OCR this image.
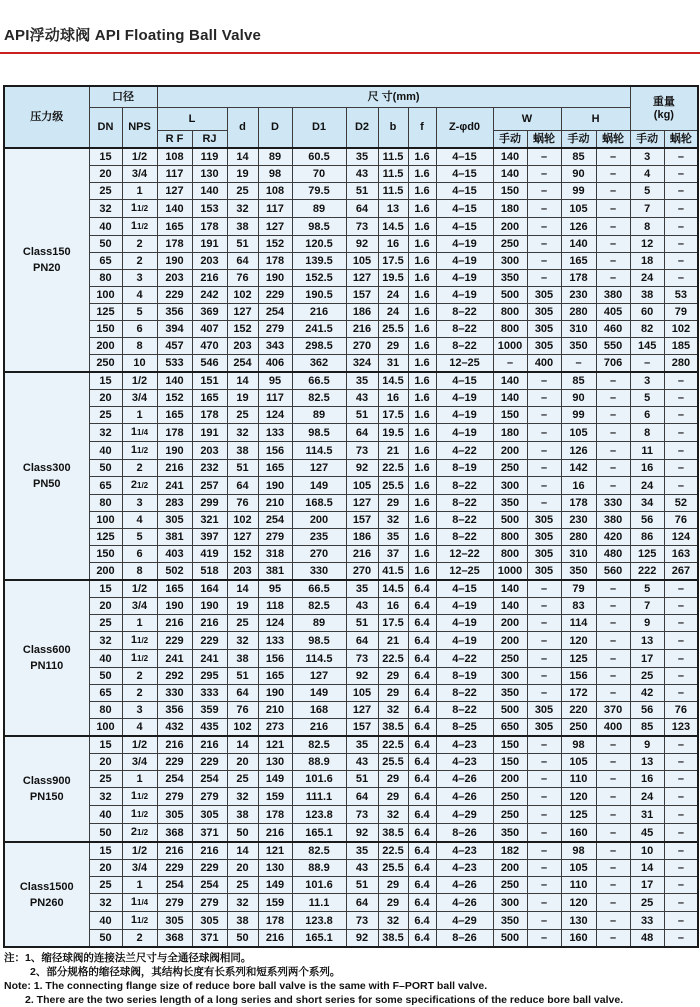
API浮动球阀 API Floating Ball Valve
压力级	口径		尺 寸(mm)													重量
(kg)	

	DN	NPS	L		d	D	D1	D2	b	f	Z-φd0	W		H			
			R F	RJ								手动	蜗轮	手动	蜗轮	手动	蜗轮

Class150
PN20	15	1/2	108	119	14	89	60.5	35	11.5	1.6	4–15	140	–	85	–	3	–
	20	3/4	117	130	19	98	70	43	11.5	1.6	4–15	140	–	90	–	4	–
	25	1	127	140	25	108	79.5	51	11.5	1.6	4–15	150	–	99	–	5	–
	32	11/2	140	153	32	117	89	64	13	1.6	4–15	180	–	105	–	7	–
	40	11/2	165	178	38	127	98.5	73	14.5	1.6	4–15	200	–	126	–	8	–
	50	2	178	191	51	152	120.5	92	16	1.6	4–19	250	–	140	–	12	–
	65	2	190	203	64	178	139.5	105	17.5	1.6	4–19	300	–	165	–	18	–
	80	3	203	216	76	190	152.5	127	19.5	1.6	4–19	350	–	178	–	24	–
	100	4	229	242	102	229	190.5	157	24	1.6	4–19	500	305	230	380	38	53
	125	5	356	369	127	254	216	186	24	1.6	8–22	800	305	280	405	60	79
	150	6	394	407	152	279	241.5	216	25.5	1.6	8–22	800	305	310	460	82	102
	200	8	457	470	203	343	298.5	270	29	1.6	8–22	1000	305	350	550	145	185
	250	10	533	546	254	406	362	324	31	1.6	12–25	–	400	–	706	–	280

Class300
PN50	15	1/2	140	151	14	95	66.5	35	14.5	1.6	4–15	140	–	85	–	3	–
	20	3/4	152	165	19	117	82.5	43	16	1.6	4–19	140	–	90	–	5	–
	25	1	165	178	25	124	89	51	17.5	1.6	4–19	150	–	99	–	6	–
	32	11/4	178	191	32	133	98.5	64	19.5	1.6	4–19	180	–	105	–	8	–
	40	11/2	190	203	38	156	114.5	73	21	1.6	4–22	200	–	126	–	11	–
	50	2	216	232	51	165	127	92	22.5	1.6	8–19	250	–	142	–	16	–
	65	21/2	241	257	64	190	149	105	25.5	1.6	8–22	300	–	16	–	24	–
	80	3	283	299	76	210	168.5	127	29	1.6	8–22	350	–	178	330	34	52
	100	4	305	321	102	254	200	157	32	1.6	8–22	500	305	230	380	56	76
	125	5	381	397	127	279	235	186	35	1.6	8–22	800	305	280	420	86	124
	150	6	403	419	152	318	270	216	37	1.6	12–22	800	305	310	480	125	163
	200	8	502	518	203	381	330	270	41.5	1.6	12–25	1000	305	350	560	222	267

Class600
PN110	15	1/2	165	164	14	95	66.5	35	14.5	6.4	4–15	140	–	79	–	5	–
	20	3/4	190	190	19	118	82.5	43	16	6.4	4–19	140	–	83	–	7	–
	25	1	216	216	25	124	89	51	17.5	6.4	4–19	200	–	114	–	9	–
	32	11/2	229	229	32	133	98.5	64	21	6.4	4–19	200	–	120	–	13	–
	40	11/2	241	241	38	156	114.5	73	22.5	6.4	4–22	250	–	125	–	17	–
	50	2	292	295	51	165	127	92	29	6.4	8–19	300	–	156	–	25	–
	65	2	330	333	64	190	149	105	29	6.4	8–22	350	–	172	–	42	–
	80	3	356	359	76	210	168	127	32	6.4	8–22	500	305	220	370	56	76
	100	4	432	435	102	273	216	157	38.5	6.4	8–25	650	305	250	400	85	123

Class900
PN150	15	1/2	216	216	14	121	82.5	35	22.5	6.4	4–23	150	–	98	–	9	–
	20	3/4	229	229	20	130	88.9	43	25.5	6.4	4–23	150	–	105	–	13	–
	25	1	254	254	25	149	101.6	51	29	6.4	4–26	200	–	110	–	16	–
	32	11/2	279	279	32	159	111.1	64	29	6.4	4–26	250	–	120	–	24	–
	40	11/2	305	305	38	178	123.8	73	32	6.4	4–29	250	–	125	–	31	–
	50	21/2	368	371	50	216	165.1	92	38.5	6.4	8–26	350	–	160	–	45	–

Class1500
PN260	15	1/2	216	216	14	121	82.5	35	22.5	6.4	4–23	182	–	98	–	10	–
	20	3/4	229	229	20	130	88.9	43	25.5	6.4	4–23	200	–	105	–	14	–
	25	1	254	254	25	149	101.6	51	29	6.4	4–26	250	–	110	–	17	–
	32	11/4	279	279	32	159	11.1	64	29	6.4	4–26	300	–	120	–	25	–
	40	11/2	305	305	38	178	123.8	73	32	6.4	4–29	350	–	130	–	33	–
	50	2	368	371	50	216	165.1	92	38.5	6.4	8–26	500	–	160	–	48	–
注：1、缩径球阀的连接法兰尺寸与全通径球阀相同。
2、部分规格的缩径球阀，其结构长度有长系列和短系列两个系列。
Note: 1. The connecting flange size of reduce bore ball valve is the same with F–PORT ball valve.
2. There are the two series length of a long series and short series for some specifications of the reduce bore ball valve.
